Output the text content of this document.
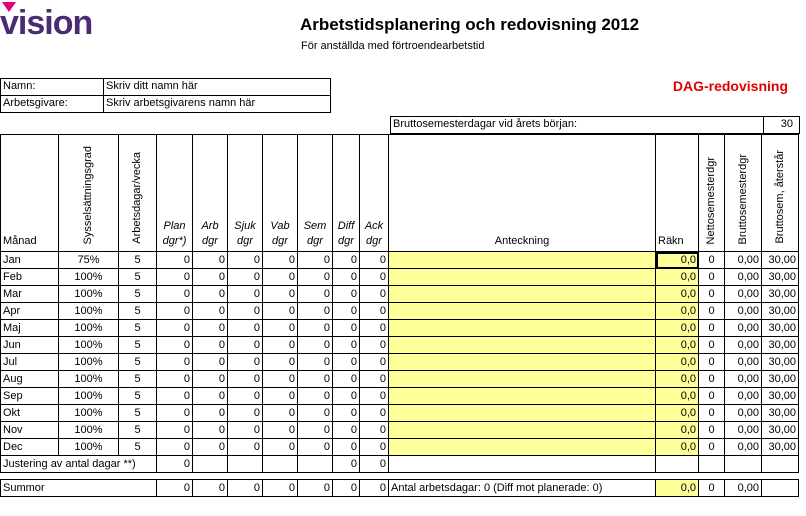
vision	Arbetstidsplanering och redovisning 2012
För anställda med förtroendearbetstid
DAG-redovisning
Namn:	Skriv ditt namn här
Arbetsgivare:	Skriv arbetsgivarens namn här
Bruttosemesterdagar vid årets början:	30
Månad	Sysselsättningsgrad	Arbetsdagar/vecka	Plan dgr*)	Arb dgr	Sjuk dgr	Vab dgr	Sem dgr	Diff dgr	Ack dgr	Anteckning	Räkn	Nettosemesterdgr	Bruttosemesterdgr	Bruttosem, återstår
Jan	75%	5	0	0	0	0	0	0	0		0,0	0	0,00	30,00
Feb	100%	5	0	0	0	0	0	0	0		0,0	0	0,00	30,00
Mar	100%	5	0	0	0	0	0	0	0		0,0	0	0,00	30,00
Apr	100%	5	0	0	0	0	0	0	0		0,0	0	0,00	30,00
Maj	100%	5	0	0	0	0	0	0	0		0,0	0	0,00	30,00
Jun	100%	5	0	0	0	0	0	0	0		0,0	0	0,00	30,00
Jul	100%	5	0	0	0	0	0	0	0		0,0	0	0,00	30,00
Aug	100%	5	0	0	0	0	0	0	0		0,0	0	0,00	30,00
Sep	100%	5	0	0	0	0	0	0	0		0,0	0	0,00	30,00
Okt	100%	5	0	0	0	0	0	0	0		0,0	0	0,00	30,00
Nov	100%	5	0	0	0	0	0	0	0		0,0	0	0,00	30,00
Dec	100%	5	0	0	0	0	0	0	0		0,0	0	0,00	30,00
Justering av antal dagar **)			0					0	0					

Summor			0	0	0	0	0	0	0	Antal arbetsdagar: 0 (Diff mot planerade: 0)	0,0	0	0,00	
